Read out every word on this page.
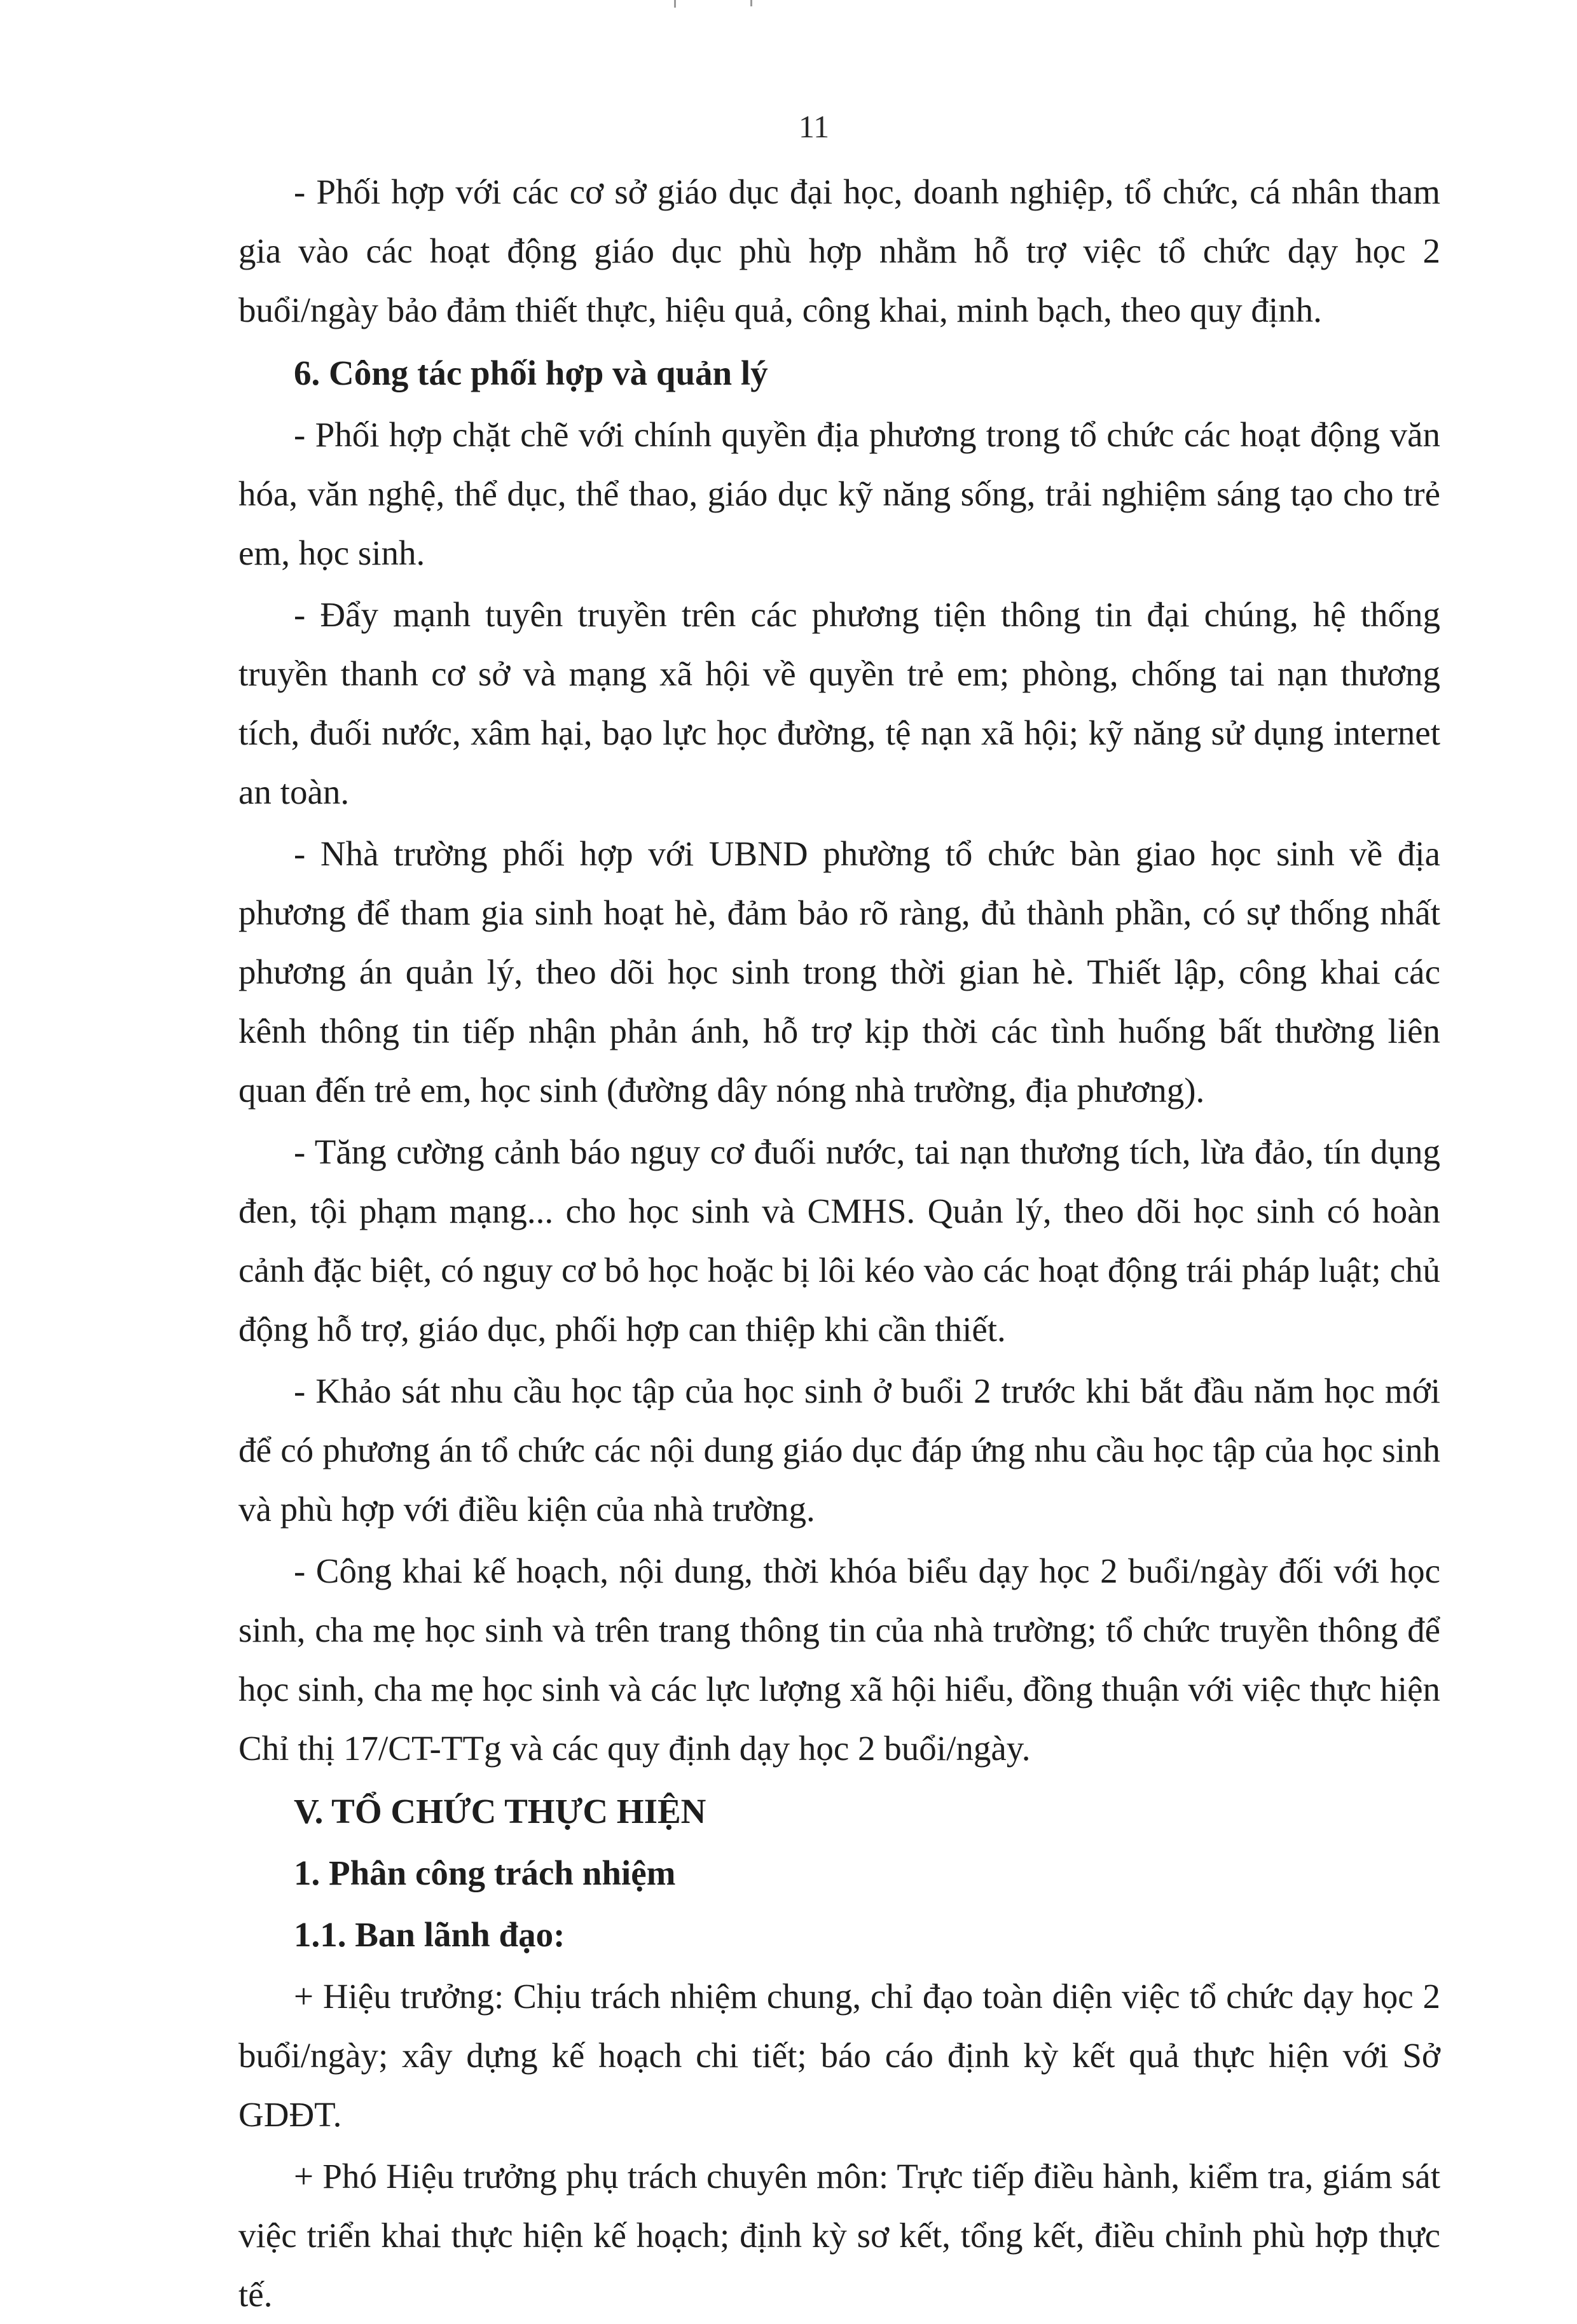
11

- Phối hợp với các cơ sở giáo dục đại học, doanh nghiệp, tổ chức, cá nhân tham gia vào các hoạt động giáo dục phù hợp nhằm hỗ trợ việc tổ chức dạy học 2 buổi/ngày bảo đảm thiết thực, hiệu quả, công khai, minh bạch, theo quy định.

6. Công tác phối hợp và quản lý

- Phối hợp chặt chẽ với chính quyền địa phương trong tổ chức các hoạt động văn hóa, văn nghệ, thể dục, thể thao, giáo dục kỹ năng sống, trải nghiệm sáng tạo cho trẻ em, học sinh.

- Đẩy mạnh tuyên truyền trên các phương tiện thông tin đại chúng, hệ thống truyền thanh cơ sở và mạng xã hội về quyền trẻ em; phòng, chống tai nạn thương tích, đuối nước, xâm hại, bạo lực học đường, tệ nạn xã hội; kỹ năng sử dụng internet an toàn.

- Nhà trường phối hợp với UBND phường tổ chức bàn giao học sinh về địa phương để tham gia sinh hoạt hè, đảm bảo rõ ràng, đủ thành phần, có sự thống nhất phương án quản lý, theo dõi học sinh trong thời gian hè. Thiết lập, công khai các kênh thông tin tiếp nhận phản ánh, hỗ trợ kịp thời các tình huống bất thường liên quan đến trẻ em, học sinh (đường dây nóng nhà trường, địa phương).

- Tăng cường cảnh báo nguy cơ đuối nước, tai nạn thương tích, lừa đảo, tín dụng đen, tội phạm mạng... cho học sinh và CMHS. Quản lý, theo dõi học sinh có hoàn cảnh đặc biệt, có nguy cơ bỏ học hoặc bị lôi kéo vào các hoạt động trái pháp luật; chủ động hỗ trợ, giáo dục, phối hợp can thiệp khi cần thiết.

- Khảo sát nhu cầu học tập của học sinh ở buổi 2 trước khi bắt đầu năm học mới để có phương án tổ chức các nội dung giáo dục đáp ứng nhu cầu học tập của học sinh và phù hợp với điều kiện của nhà trường.

- Công khai kế hoạch, nội dung, thời khóa biểu dạy học 2 buổi/ngày đối với học sinh, cha mẹ học sinh và trên trang thông tin của nhà trường; tổ chức truyền thông để học sinh, cha mẹ học sinh và các lực lượng xã hội hiểu, đồng thuận với việc thực hiện Chỉ thị 17/CT-TTg và các quy định dạy học 2 buổi/ngày.

V. TỔ CHỨC THỰC HIỆN
1. Phân công trách nhiệm
1.1. Ban lãnh đạo:

+ Hiệu trưởng: Chịu trách nhiệm chung, chỉ đạo toàn diện việc tổ chức dạy học 2 buổi/ngày; xây dựng kế hoạch chi tiết; báo cáo định kỳ kết quả thực hiện với Sở GDĐT.

+ Phó Hiệu trưởng phụ trách chuyên môn: Trực tiếp điều hành, kiểm tra, giám sát việc triển khai thực hiện kế hoạch; định kỳ sơ kết, tổng kết, điều chỉnh phù hợp thực tế.
